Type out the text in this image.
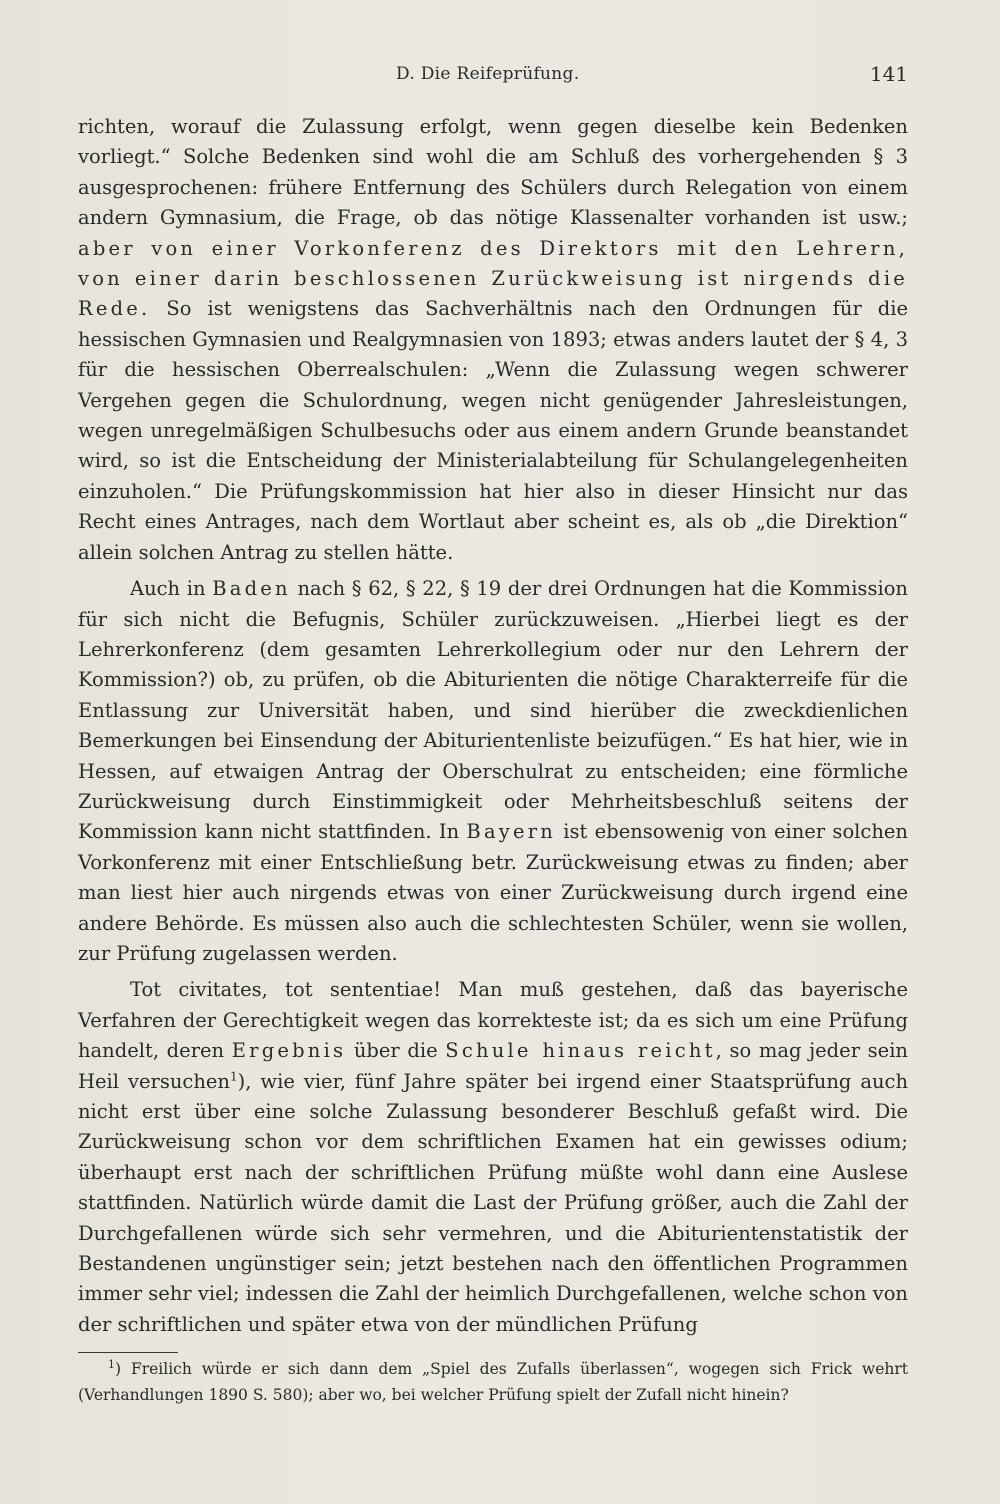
D. Die Reifeprüfung.	141

richten, worauf die Zulassung erfolgt, wenn gegen dieselbe kein Bedenken vorliegt.“ Solche Bedenken sind wohl die am Schluß des vorhergehenden § 3 ausgesprochenen: frühere Entfernung des Schülers durch Relegation von einem andern Gymnasium, die Frage, ob das nötige Klassenalter vorhanden ist usw.; aber von einer Vorkonferenz des Direktors mit den Lehrern, von einer darin beschlossenen Zurückweisung ist nirgends die Rede. So ist wenigstens das Sachverhältnis nach den Ordnungen für die hessischen Gymnasien und Realgymnasien von 1893; etwas anders lautet der § 4, 3 für die hessischen Oberrealschulen: „Wenn die Zulassung wegen schwerer Vergehen gegen die Schulordnung, wegen nicht genügender Jahresleistungen, wegen unregelmäßigen Schulbesuchs oder aus einem andern Grunde beanstandet wird, so ist die Entscheidung der Ministerialabteilung für Schulangelegenheiten einzuholen.“ Die Prüfungskommission hat hier also in dieser Hinsicht nur das Recht eines Antrages, nach dem Wortlaut aber scheint es, als ob „die Direktion“ allein solchen Antrag zu stellen hätte.

Auch in Baden nach § 62, § 22, § 19 der drei Ordnungen hat die Kommission für sich nicht die Befugnis, Schüler zurückzuweisen. „Hierbei liegt es der Lehrerkonferenz (dem gesamten Lehrerkollegium oder nur den Lehrern der Kommission?) ob, zu prüfen, ob die Abiturienten die nötige Charakterreife für die Entlassung zur Universität haben, und sind hierüber die zweckdienlichen Bemerkungen bei Einsendung der Abiturientenliste beizufügen.“ Es hat hier, wie in Hessen, auf etwaigen Antrag der Oberschulrat zu entscheiden; eine förmliche Zurückweisung durch Einstimmigkeit oder Mehrheitsbeschluß seitens der Kommission kann nicht stattfinden. In Bayern ist ebensowenig von einer solchen Vorkonferenz mit einer Entschließung betr. Zurückweisung etwas zu finden; aber man liest hier auch nirgends etwas von einer Zurückweisung durch irgend eine andere Behörde. Es müssen also auch die schlechtesten Schüler, wenn sie wollen, zur Prüfung zugelassen werden.

Tot civitates, tot sententiae! Man muß gestehen, daß das bayerische Verfahren der Gerechtigkeit wegen das korrekteste ist; da es sich um eine Prüfung handelt, deren Ergebnis über die Schule hinaus reicht, so mag jeder sein Heil versuchen$^1$), wie vier, fünf Jahre später bei irgend einer Staatsprüfung auch nicht erst über eine solche Zulassung besonderer Beschluß gefaßt wird. Die Zurückweisung schon vor dem schriftlichen Examen hat ein gewisses odium; überhaupt erst nach der schriftlichen Prüfung müßte wohl dann eine Auslese stattfinden. Natürlich würde damit die Last der Prüfung größer, auch die Zahl der Durchgefallenen würde sich sehr vermehren, und die Abiturientenstatistik der Bestandenen ungünstiger sein; jetzt bestehen nach den öffentlichen Programmen immer sehr viel; indessen die Zahl der heimlich Durchgefallenen, welche schon von der schriftlichen und später etwa von der mündlichen Prüfung

$^1$) Freilich würde er sich dann dem „Spiel des Zufalls überlassen“, wogegen sich Frick wehrt (Verhandlungen 1890 S. 580); aber wo, bei welcher Prüfung spielt der Zufall nicht hinein?
